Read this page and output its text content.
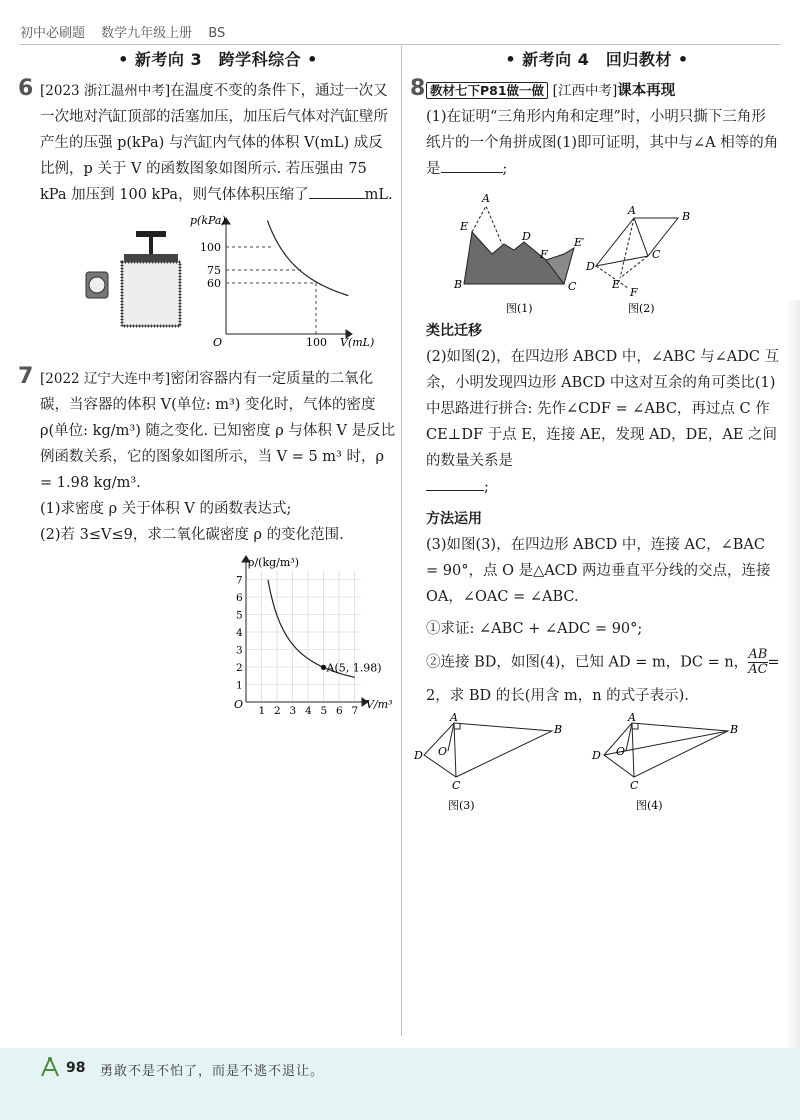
初中必刷题 数学九年级上册 BS
• 新考向 3　跨学科综合 •
6 [2023 浙江温州中考]在温度不变的条件下，通过一次又一次地对汽缸顶部的活塞加压，加压后气体对汽缸壁所产生的压强 p(kPa) 与汽缸内气体的体积 V(mL) 成反比例，p 关于 V 的函数图象如图所示. 若压强由 75 kPa 加压到 100 kPa，则气体体积压缩了	mL.
p(kPa)
100
75
60
O	100 V(mL)
7 [2022 辽宁大连中考]密闭容器内有一定质量的二氧化碳，当容器的体积 V(单位: m³) 变化时，气体的密度 ρ(单位: kg/m³) 随之变化. 已知密度 ρ 与体积 V 是反比例函数关系，它的图象如图所示，当 V = 5 m³ 时，ρ = 1.98 kg/m³.
(1)求密度 ρ 关于体积 V 的函数表达式;
(2)若 3≤V≤9，求二氧化碳密度 ρ 的变化范围.
1 2 3 4 5 6 7
1
2
3
4
5
6
7
A(5, 1.98)
ρ/(kg/m³)
O	V/m³
• 新考向 4　回归教材 •
8 教材七下P81做一做 [江西中考]课本再现
(1)在证明“三角形内角和定理”时，小明只撕下三角形纸片的一个角拼成图(1)即可证明，其中与∠A 相等的角是	;
A
E
D
F
E′
B	C
图(1)
A	B
C
D
E
F
图(2)
类比迁移
(2)如图(2)，在四边形 ABCD 中，∠ABC 与∠ADC 互余，小明发现四边形 ABCD 中这对互余的角可类比(1)中思路进行拼合: 先作∠CDF = ∠ABC，再过点 C 作 CE⊥DF 于点 E，连接 AE，发现 AD，DE，AE 之间的数量关系是
;
方法运用
(3)如图(3)，在四边形 ABCD 中，连接 AC，∠BAC = 90°，点 O 是△ACD 两边垂直平分线的交点，连接 OA，∠OAC = ∠ABC.
①求证: ∠ABC + ∠ADC = 90°;
②连接 BD，如图(4)，已知 AD = m，DC = n， $\frac{AB}{AC}$ =
2，求 BD 的长(用含 m，n 的式子表示).
A
B
C
D O
图(3)
A
B
C
D O
图(4)
98 勇敢不是不怕了，而是不逃不退让。
